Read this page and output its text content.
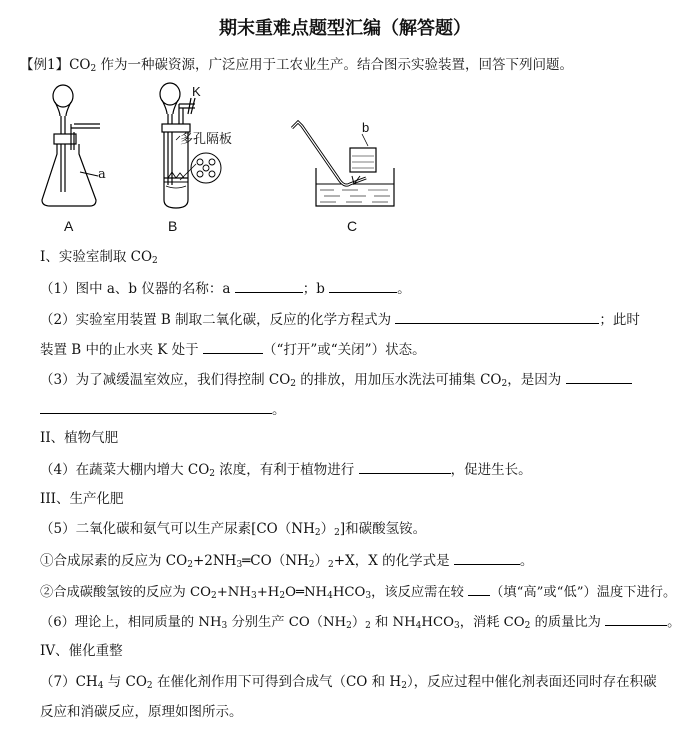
期末重难点题型汇编（解答题）
【例1】$CO_2$ 作为一种碳资源，广泛应用于工农业生产。结合图示实验装置，回答下列问题。
a
A
K
多孔隔板
B
b
C
I、实验室制取 $CO_2$
（1）图中 a、b 仪器的名称：a	；b	。
（2）实验室用装置 B 制取二氧化碳，反应的化学方程式为	；此时
装置 B 中的止水夹 K 处于	（“打开”或“关闭”）状态。
（3）为了减缓温室效应，我们得控制 $CO_2$ 的排放，用加压水洗法可捕集 $CO_2$，是因为
。
II、植物气肥
（4）在蔬菜大棚内增大 $CO_2$ 浓度，有利于植物进行	，促进生长。
III、生产化肥
（5）二氧化碳和氨气可以生产尿素$[CO(NH_2)_2]$和碳酸氢铵。
①合成尿素的反应为 $CO_2+2NH_3═CO(NH_2)_2+X$，X 的化学式是	。
②合成碳酸氢铵的反应为 $CO_2+NH_3+H_2O═NH_4HCO_3$，该反应需在较 （填“高”或“低”）温度下进行。
（6）理论上，相同质量的 $NH_3$ 分别生产 $CO(NH_2)_2$ 和 $NH_4HCO_3$，消耗 $CO_2$ 的质量比为	。
IV、催化重整
$(7)CH_4$ 与 $CO_2$ 在催化剂作用下可得到合成气（CO 和 $H_2$），反应过程中催化剂表面还同时存在积碳
反应和消碳反应，原理如图所示。
